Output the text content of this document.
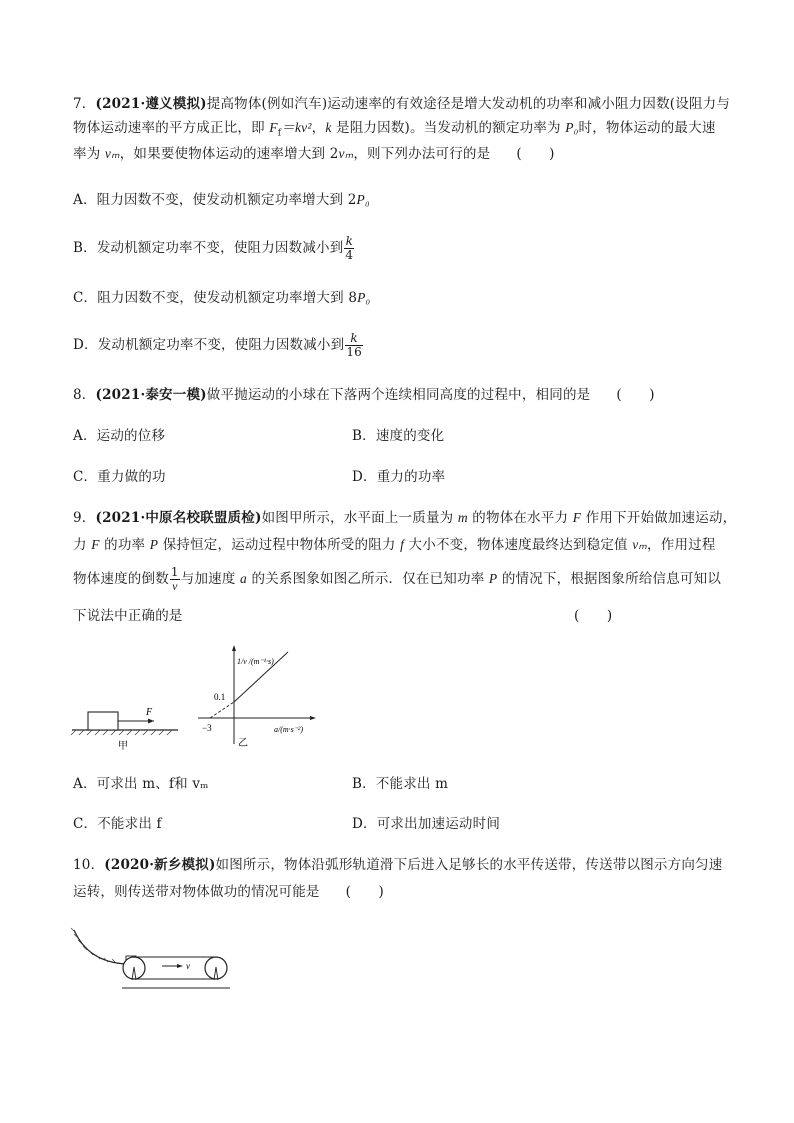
7．(2021·遵义模拟)提高物体(例如汽车)运动速率的有效途径是增大发动机的功率和减小阻力因数(设阻力与
物体运动速率的平方成正比，即 $F_f=kv^2$，k 是阻力因数)。当发动机的额定功率为 P₀时，物体运动的最大速
率为 vₘ，如果要使物体运动的速率增大到 2vₘ，则下列办法可行的是 (　　)
A．阻力因数不变，使发动机额定功率增大到 2P₀
B．发动机额定功率不变，使阻力因数减小到 $\frac{k}{4}$
C．阻力因数不变，使发动机额定功率增大到 8P₀
D．发动机额定功率不变，使阻力因数减小到 $\frac{k}{16}$
8．(2021·泰安一模)做平抛运动的小球在下落两个连续相同高度的过程中，相同的是 (　　)
A．运动的位移	B．速度的变化
C．重力做的功	D．重力的功率
9．(2021·中原名校联盟质检)如图甲所示，水平面上一质量为 m 的物体在水平力 F 作用下开始做加速运动，
力 F 的功率 P 保持恒定，运动过程中物体所受的阻力 f 大小不变，物体速度最终达到稳定值 vₘ，作用过程
物体速度的倒数 $\frac{1}{v}$ 与加速度 a 的关系图象如图乙所示．仅在已知功率 P 的情况下，根据图象所给信息可知以
下说法中正确的是	(　　)
F
甲
0.1
−3
1/v /(m⁻¹·s)
a/(m·s⁻²)
乙
A．可求出 m、f和 vₘ	B．不能求出 m
C．不能求出 f	D．可求出加速运动时间
10．(2020·新乡模拟)如图所示，物体沿弧形轨道滑下后进入足够长的水平传送带，传送带以图示方向匀速
运转，则传送带对物体做功的情况可能是 (　　)
v
